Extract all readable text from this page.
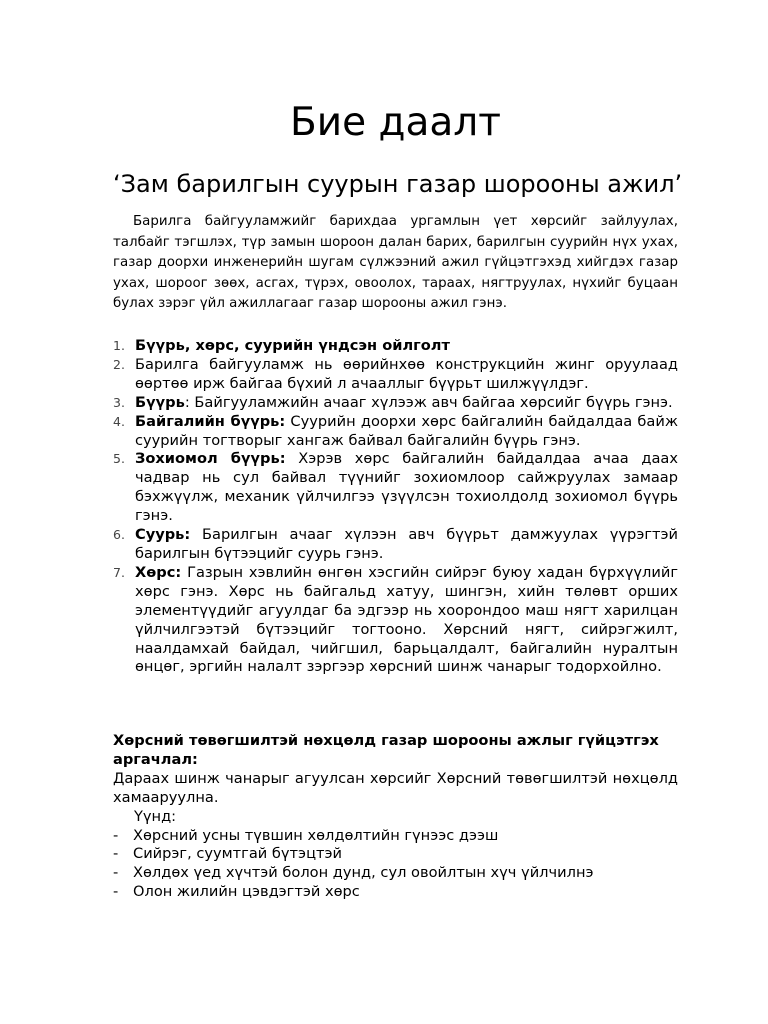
Бие даалт
‘Зам барилгын суурын газар шорооны ажил’

Барилга байгууламжийг барихдаа ургамлын үет хөрсийг зайлуулах, талбайг тэгшлэх, түр замын шороон далан барих, барилгын суурийн нүх ухах, газар доорхи инженерийн шугам сүлжээний ажил гүйцэтгэхэд хийгдэх газар ухах, шороог зөөх, асгах, түрэх, овоолох, тараах, нягтруулах, нүхийг буцаан булах зэрэг үйл ажиллагааг газар шорооны ажил гэнэ.

1. Бүүрь, хөрс, суурийн үндсэн ойлголт
2. Барилга байгууламж нь өөрийнхөө конструкцийн жинг оруулаад өөртөө ирж байгаа бүхий л ачааллыг бүүрьт шилжүүлдэг.
3. Бүүрь: Байгууламжийн ачааг хүлээж авч байгаа хөрсийг бүүрь гэнэ.
4. Байгалийн бүүрь: Суурийн доорхи хөрс байгалийн байдалдаа байж суурийн тогтворыг хангаж байвал байгалийн бүүрь гэнэ.
5. Зохиомол бүүрь: Хэрэв хөрс байгалийн байдалдаа ачаа даах чадвар нь сул байвал түүнийг зохиомлоор сайжруулах замаар бэхжүүлж, механик үйлчилгээ үзүүлсэн тохиолдолд зохиомол бүүрь гэнэ.
6. Суурь: Барилгын ачааг хүлээн авч бүүрьт дамжуулах үүрэгтэй барилгын бүтээцийг суурь гэнэ.
7. Хөрс: Газрын хэвлийн өнгөн хэсгийн сийрэг буюу хадан бүрхүүлийг хөрс гэнэ. Хөрс нь байгальд хатуу, шингэн, хийн төлөвт орших элементүүдийг агуулдаг ба эдгээр нь хоорондоо маш нягт харилцан үйлчилгээтэй бүтээцийг тогтооно. Хөрсний нягт, сийрэгжилт, наалдамхай байдал, чийгшил, барьцалдалт, байгалийн нуралтын өнцөг, эргийн налалт зэргээр хөрсний шинж чанарыг тодорхойлно.

Хөрсний төвөгшилтэй нөхцөлд газар шорооны ажлыг гүйцэтгэх аргачлал:

Дараах шинж чанарыг агуулсан хөрсийг Хөрсний төвөгшилтэй нөхцөлд хамааруулна.

Үүнд:

- Хөрсний усны түвшин хөлдөлтийн гүнээс дээш
- Сийрэг, суумтгай бүтэцтэй
- Хөлдөх үед хүчтэй болон дунд, сул овойлтын хүч үйлчилнэ
- Олон жилийн цэвдэгтэй хөрс
